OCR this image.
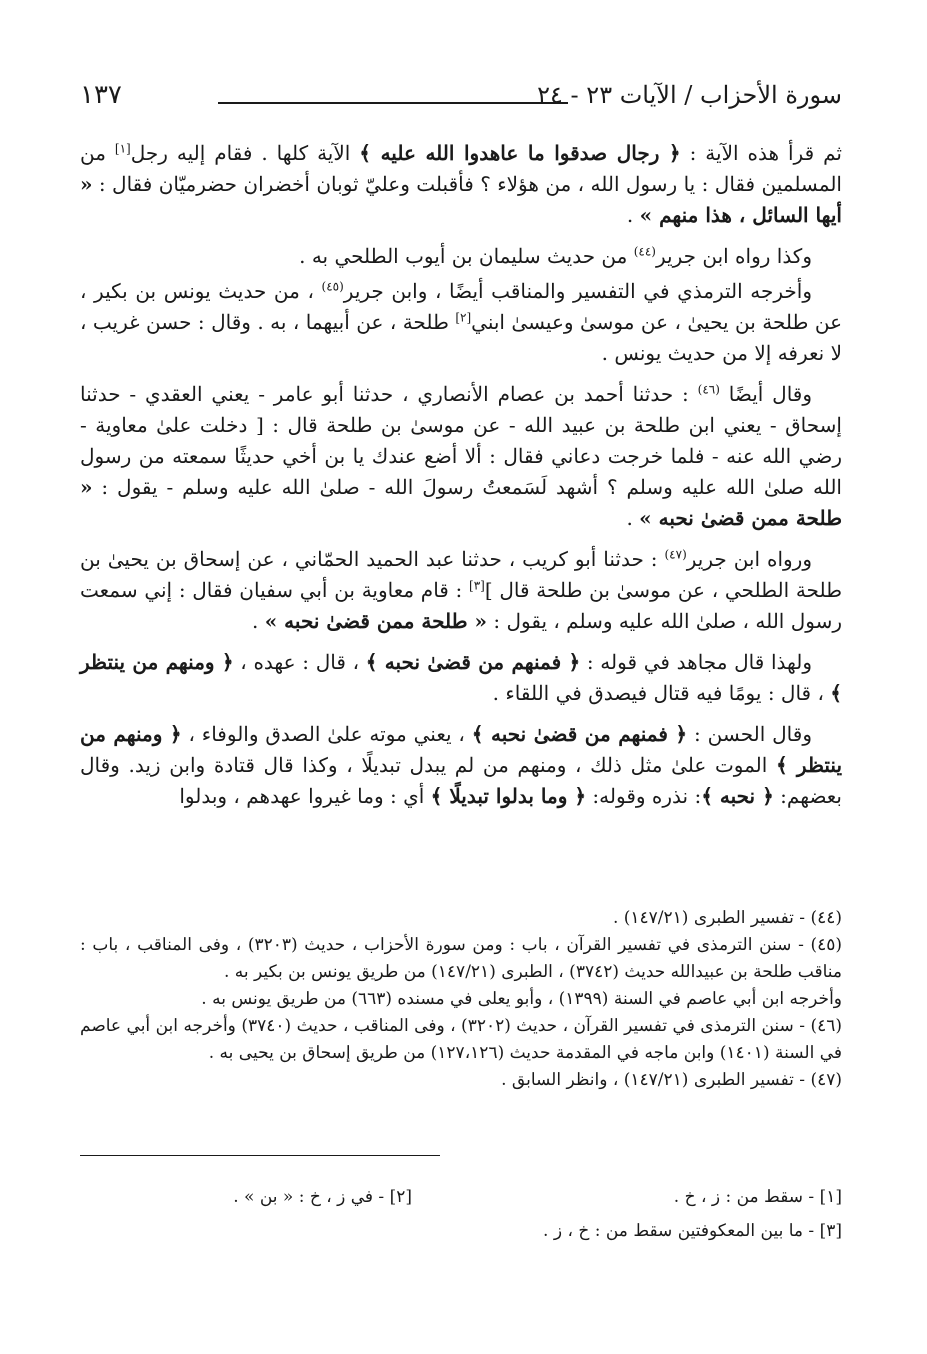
سورة الأحزاب / الآيات ٢٣ - ٢٤
١٣٧

ثم قرأ هذه الآية : ﴿ رجال صدقوا ما عاهدوا الله عليه ﴾ الآية كلها . فقام إليه رجل[١] من المسلمين فقال : يا رسول الله ، من هؤلاء ؟ فأقبلت وعليّ ثوبان أخضران حضرميّان فقال : « أيها السائل ، هذا منهم » .

وكذا رواه ابن جرير$^{(٤٤)}$ من حديث سليمان بن أيوب الطلحي به .

وأخرجه الترمذي في التفسير والمناقب أيضًا ، وابن جرير$^{(٤٥)}$ ، من حديث يونس بن بكير ، عن طلحة بن يحيىٰ ، عن موسىٰ وعيسىٰ ابني[٢] طلحة ، عن أبيهما ، به . وقال : حسن غريب ، لا نعرفه إلا من حديث يونس .

وقال أيضًا $^{(٤٦)}$ : حدثنا أحمد بن عصام الأنصاري ، حدثنا أبو عامر - يعني العقدي - حدثنا إسحاق - يعني ابن طلحة بن عبيد الله - عن موسىٰ بن طلحة قال : [ دخلت علىٰ معاوية - رضي الله عنه - فلما خرجت دعاني فقال : ألا أضع عندك يا بن أخي حديثًا سمعته من رسول الله صلىٰ الله عليه وسلم ؟ أشهد لَسَمعتُ رسولَ الله - صلىٰ الله عليه وسلم - يقول : « طلحة ممن قضىٰ نحبه » .

ورواه ابن جرير$^{(٤٧)}$ : حدثنا أبو كريب ، حدثنا عبد الحميد الحمّاني ، عن إسحاق بن يحيىٰ بن طلحة الطلحي ، عن موسىٰ بن طلحة قال ][٣] : قام معاوية بن أبي سفيان فقال : إني سمعت رسول الله ، صلىٰ الله عليه وسلم ، يقول : « طلحة ممن قضىٰ نحبه » .

ولهذا قال مجاهد في قوله : ﴿ فمنهم من قضىٰ نحبه ﴾ ، قال : عهده ، ﴿ ومنهم من ينتظر ﴾ ، قال : يومًا فيه قتال فيصدق في اللقاء .

وقال الحسن : ﴿ فمنهم من قضىٰ نحبه ﴾ ، يعني موته علىٰ الصدق والوفاء ، ﴿ ومنهم من ينتظر ﴾ الموت علىٰ مثل ذلك ، ومنهم من لم يبدل تبديلًا ، وكذا قال قتادة وابن زيد. وقال بعضهم: ﴿ نحبه ﴾: نذره وقوله: ﴿ وما بدلوا تبديلًا ﴾ أي : وما غيروا عهدهم ، وبدلوا

(٤٤) - تفسير الطبرى (١٤٧/٢١) .

(٤٥) - سنن الترمذى في تفسير القرآن ، باب : ومن سورة الأحزاب ، حديث (٣٢٠٣) ، وفى المناقب ، باب : مناقب طلحة بن عبيدالله حديث (٣٧٤٢) ، الطبرى (١٤٧/٢١) من طريق يونس بن بكير به .

وأخرجه ابن أبي عاصم في السنة (١٣٩٩) ، وأبو يعلى في مسنده (٦٦٣) من طريق يونس به .

(٤٦) - سنن الترمذى في تفسير القرآن ، حديث (٣٢٠٢) ، وفى المناقب ، حديث (٣٧٤٠) وأخرجه ابن أبي عاصم في السنة (١٤٠١) وابن ماجه في المقدمة حديث (١٢٧،١٢٦) من طريق إسحاق بن يحيى به .

(٤٧) - تفسير الطبرى (١٤٧/٢١) ، وانظر السابق .

[١] - سقط من : ز ، خ .
[٢] - في ز ، خ : « بن » .
[٣] - ما بين المعكوفتين سقط من : خ ، ز .
